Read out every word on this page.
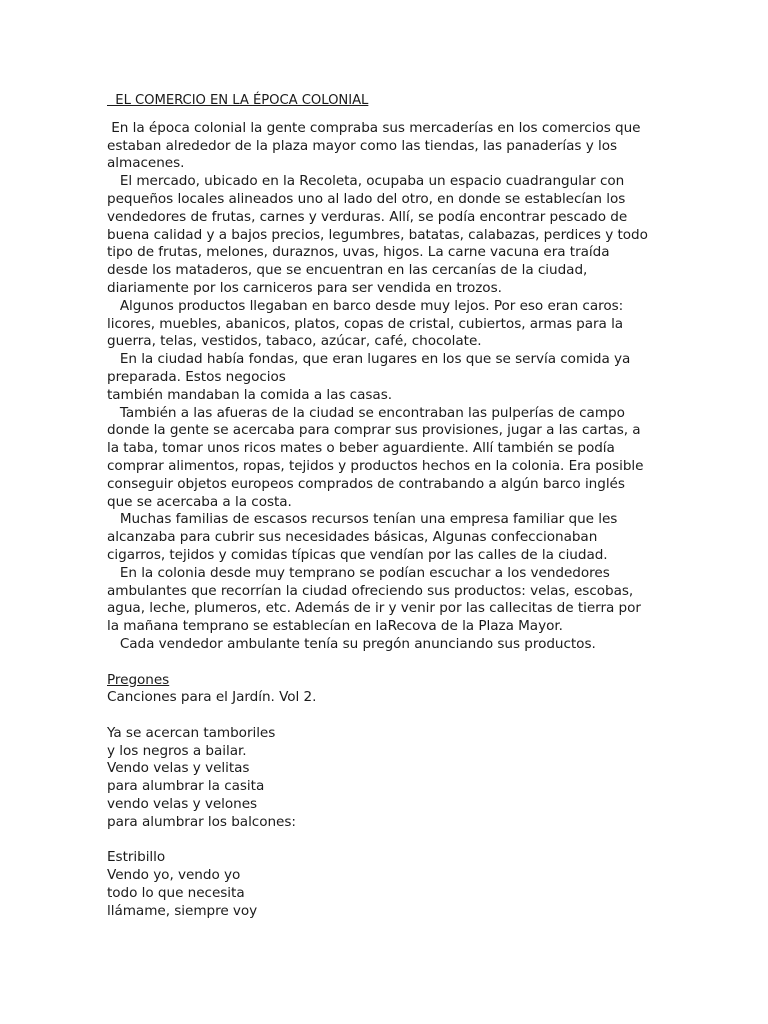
EL COMERCIO EN LA ÉPOCA COLONIAL
En la época colonial la gente compraba sus mercaderías en los comercios que
estaban alrededor de la plaza mayor como las tiendas, las panaderías y los
almacenes.
El mercado, ubicado en la Recoleta, ocupaba un espacio cuadrangular con
pequeños locales alineados uno al lado del otro, en donde se establecían los
vendedores de frutas, carnes y verduras. Allí, se podía encontrar pescado de
buena calidad y a bajos precios, legumbres, batatas, calabazas, perdices y todo
tipo de frutas, melones, duraznos, uvas, higos. La carne vacuna era traída
desde los mataderos, que se encuentran en las cercanías de la ciudad,
diariamente por los carniceros para ser vendida en trozos.
Algunos productos llegaban en barco desde muy lejos. Por eso eran caros:
licores, muebles, abanicos, platos, copas de cristal, cubiertos, armas para la
guerra, telas, vestidos, tabaco, azúcar, café, chocolate.
En la ciudad había fondas, que eran lugares en los que se servía comida ya
preparada. Estos negocios
también mandaban la comida a las casas.
También a las afueras de la ciudad se encontraban las pulperías de campo
donde la gente se acercaba para comprar sus provisiones, jugar a las cartas, a
la taba, tomar unos ricos mates o beber aguardiente. Allí también se podía
comprar alimentos, ropas, tejidos y productos hechos en la colonia. Era posible
conseguir objetos europeos comprados de contrabando a algún barco inglés
que se acercaba a la costa.
Muchas familias de escasos recursos tenían una empresa familiar que les
alcanzaba para cubrir sus necesidades básicas, Algunas confeccionaban
cigarros, tejidos y comidas típicas que vendían por las calles de la ciudad.
En la colonia desde muy temprano se podían escuchar a los vendedores
ambulantes que recorrían la ciudad ofreciendo sus productos: velas, escobas,
agua, leche, plumeros, etc. Además de ir y venir por las callecitas de tierra por
la mañana temprano se establecían en laRecova de la Plaza Mayor.
Cada vendedor ambulante tenía su pregón anunciando sus productos.
Pregones
Canciones para el Jardín. Vol 2.
Ya se acercan tamboriles
y los negros a bailar.
Vendo velas y velitas
para alumbrar la casita
vendo velas y velones
para alumbrar los balcones:
Estribillo
Vendo yo, vendo yo
todo lo que necesita
llámame, siempre voy
